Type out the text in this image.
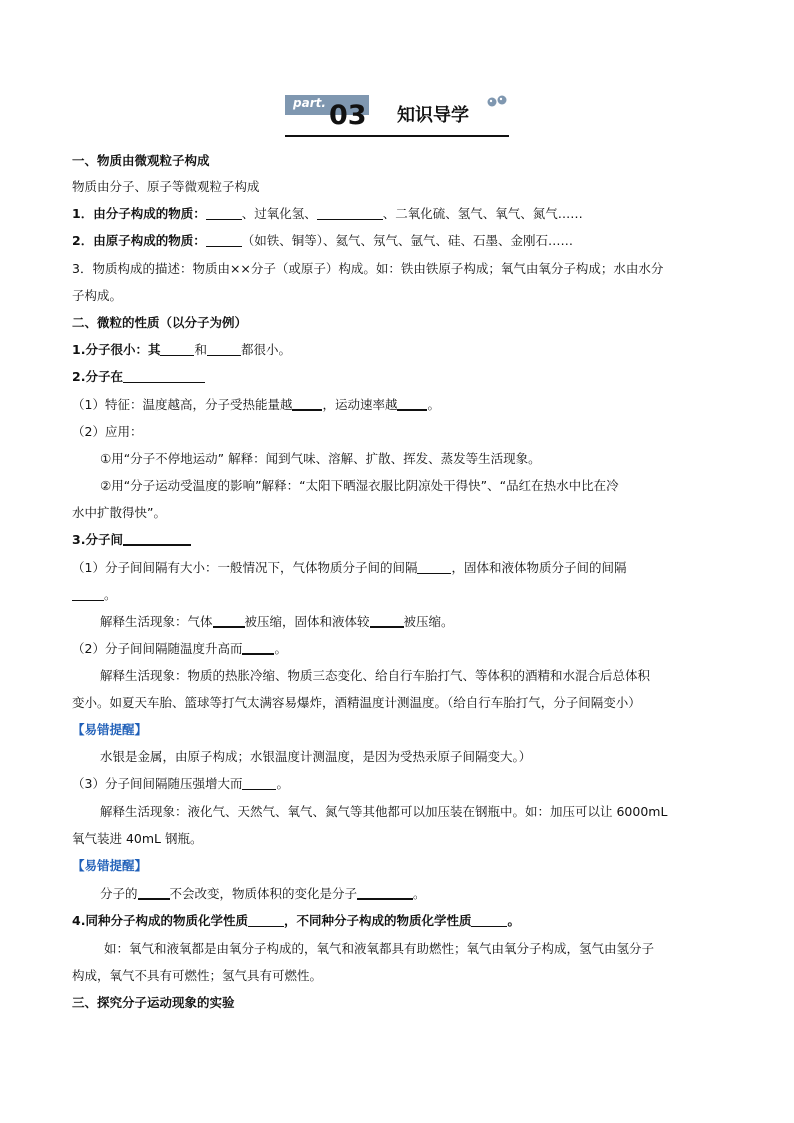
part. 03 知识导学
一、物质由微观粒子构成
物质由分子、原子等微观粒子构成
1．由分子构成的物质：	、过氧化氢、	、二氧化硫、氢气、氧气、氮气……
2．由原子构成的物质：	（如铁、铜等）、氦气、氖气、氩气、硅、石墨、金刚石……
3．物质构成的描述：物质由××分子（或原子）构成。如：铁由铁原子构成；氧气由氧分子构成；水由水分
子构成。
二、微粒的性质（以分子为例）
1.分子很小：其	和	都很小。
2.分子在
（1）特征：温度越高，分子受热能量越 ，运动速率越 。
（2）应用：
①用“分子不停地运动” 解释：闻到气味、溶解、扩散、挥发、蒸发等生活现象。
②用“分子运动受温度的影响”解释：“太阳下晒湿衣服比阴凉处干得快”、“品红在热水中比在冷
水中扩散得快”。
3.分子间
（1）分子间间隔有大小：一般情况下，气体物质分子间的间隔	，固体和液体物质分子间的间隔
。
解释生活现象：气体	被压缩，固体和液体较	被压缩。
（2）分子间间隔随温度升高而	。
解释生活现象：物质的热胀冷缩、物质三态变化、给自行车胎打气、等体积的酒精和水混合后总体积
变小。如夏天车胎、篮球等打气太满容易爆炸，酒精温度计测温度。（给自行车胎打气，分子间隔变小）
【易错提醒】
水银是金属，由原子构成；水银温度计测温度，是因为受热汞原子间隔变大。）
（3）分子间间隔随压强增大而	。
解释生活现象：液化气、天然气、氧气、氮气等其他都可以加压装在钢瓶中。如：加压可以让 6000mL
氧气装进 40mL 钢瓶。
【易错提醒】
分子的	不会改变，物质体积的变化是分子	。
4.同种分子构成的物质化学性质	，不同种分子构成的物质化学性质	。
如：氧气和液氧都是由氧分子构成的，氧气和液氧都具有助燃性；氧气由氧分子构成，氢气由氢分子
构成，氧气不具有可燃性；氢气具有可燃性。
三、探究分子运动现象的实验
